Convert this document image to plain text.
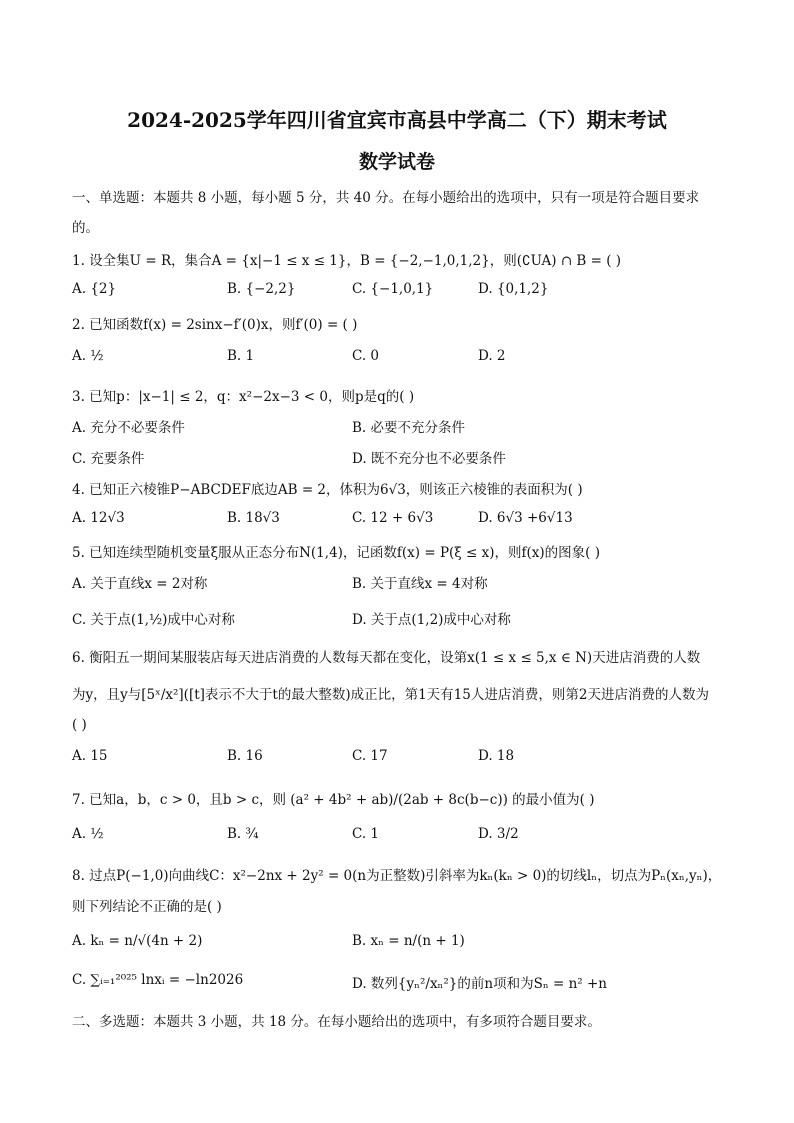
2024-2025学年四川省宜宾市高县中学高二（下）期末考试
数学试卷
一、单选题：本题共 8 小题，每小题 5 分，共 40 分。在每小题给出的选项中，只有一项是符合题目要求
的。
1. 设全集U = R，集合A = {x|−1 ≤ x ≤ 1}，B = {−2,−1,0,1,2}，则(∁UA) ∩ B = ( )
A. {2}	B. {−2,2}	C. {−1,0,1}	D. {0,1,2}
2. 已知函数f(x) = 2sinx−f′(0)x，则f′(0) = ( )
A. ½	B. 1	C. 0	D. 2
3. 已知p：|x−1| ≤ 2，q：x²−2x−3 < 0，则p是q的( )
A. 充分不必要条件	B. 必要不充分条件
C. 充要条件	D. 既不充分也不必要条件
4. 已知正六棱锥P−ABCDEF底边AB = 2，体积为6√3，则该正六棱锥的表面积为( )
A. 12√3	B. 18√3	C. 12 + 6√3	D. 6√3 +6√13
5. 已知连续型随机变量ξ服从正态分布N(1,4)，记函数f(x) = P(ξ ≤ x)，则f(x)的图象( )
A. 关于直线x = 2对称	B. 关于直线x = 4对称
C. 关于点(1,½)成中心对称	D. 关于点(1,2)成中心对称
6. 衡阳五一期间某服装店每天进店消费的人数每天都在变化，设第x(1 ≤ x ≤ 5,x ∈ N)天进店消费的人数
为y，且y与[5ˣ/x²]([t]表示不大于t的最大整数)成正比，第1天有15人进店消费，则第2天进店消费的人数为
( )
A. 15	B. 16	C. 17	D. 18
7. 已知a，b，c > 0，且b > c，则 (a² + 4b² + ab)/(2ab + 8c(b−c)) 的最小值为( )
A. ½	B. ¾	C. 1	D. 3/2
8. 过点P(−1,0)向曲线C：x²−2nx + 2y² = 0(n为正整数)引斜率为kₙ(kₙ > 0)的切线lₙ，切点为Pₙ(xₙ,yₙ)，
则下列结论不正确的是( )
A. kₙ = n/√(4n + 2)	B. xₙ = n/(n + 1)
C. ∑ᵢ₌₁²⁰²⁵ lnxᵢ = −ln2026	D. 数列{yₙ²/xₙ²}的前n项和为Sₙ = n² +n
二、多选题：本题共 3 小题，共 18 分。在每小题给出的选项中，有多项符合题目要求。
